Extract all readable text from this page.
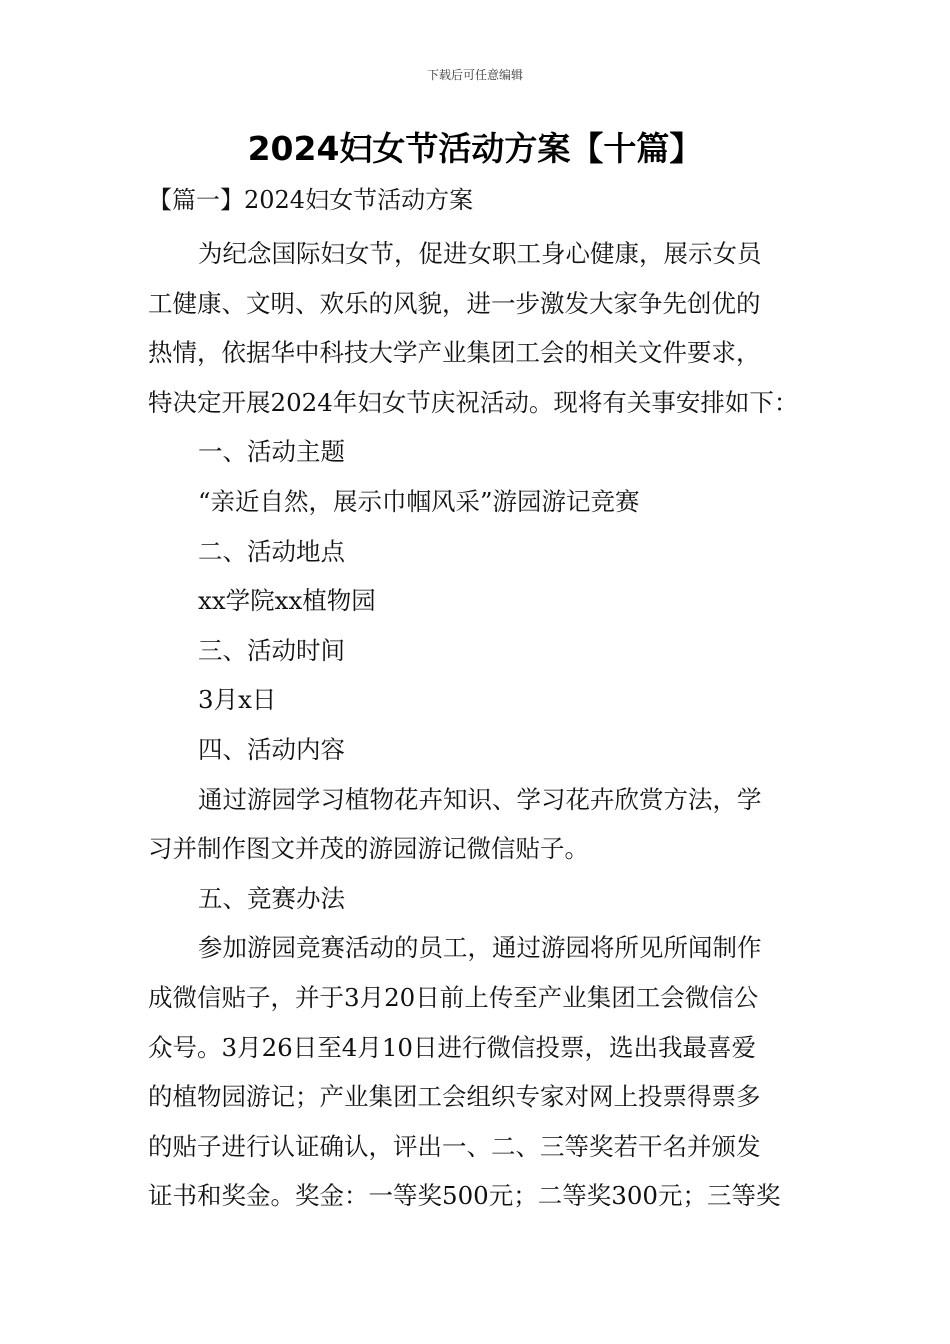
下载后可任意编辑
2024妇女节活动方案【十篇】
【篇一】2024妇女节活动方案

为纪念国际妇女节，促进女职工身心健康，展示女员

工健康、文明、欢乐的风貌，进一步激发大家争先创优的

热情，依据华中科技大学产业集团工会的相关文件要求，

特决定开展2024年妇女节庆祝活动。现将有关事安排如下：

一、活动主题

“亲近自然，展示巾帼风采”游园游记竞赛

二、活动地点

xx学院xx植物园

三、活动时间

3月x日

四、活动内容

通过游园学习植物花卉知识、学习花卉欣赏方法，学

习并制作图文并茂的游园游记微信贴子。

五、竞赛办法

参加游园竞赛活动的员工，通过游园将所见所闻制作

成微信贴子，并于3月20日前上传至产业集团工会微信公

众号。3月26日至4月10日进行微信投票，选出我最喜爱

的植物园游记；产业集团工会组织专家对网上投票得票多

的贴子进行认证确认，评出一、二、三等奖若干名并颁发

证书和奖金。奖金：一等奖500元；二等奖300元；三等奖
